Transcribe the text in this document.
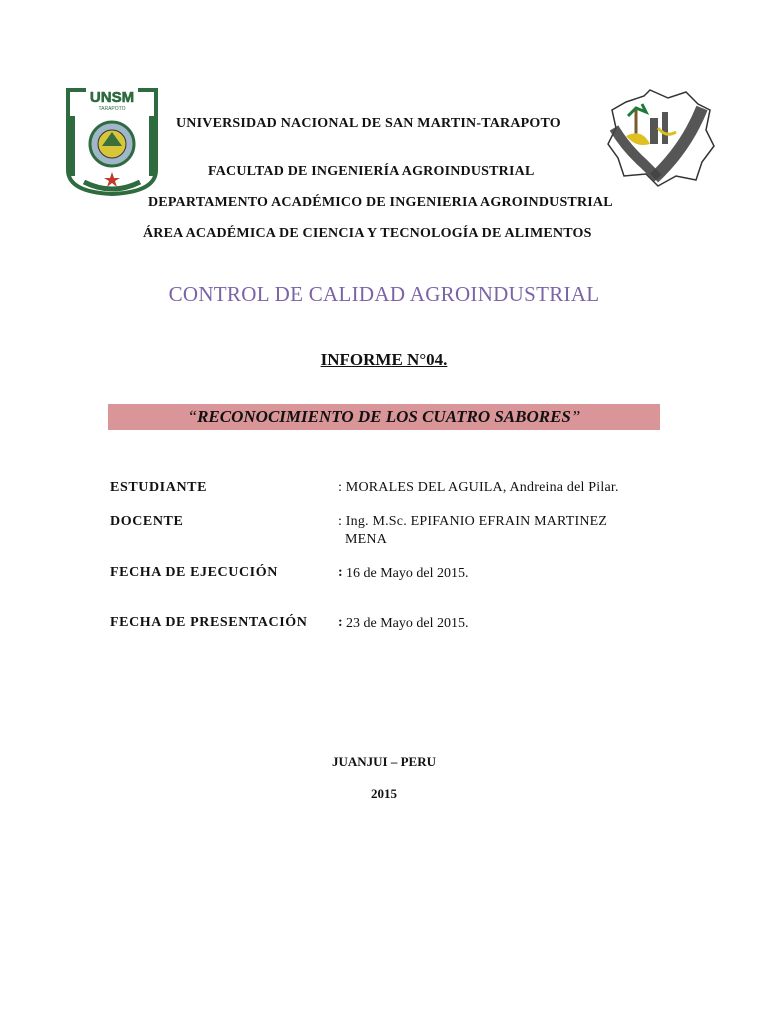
UNSM
TARAPOTO
UNIVERSIDAD NACIONAL DE SAN MARTIN-TARAPOTO
FACULTAD DE INGENIERÍA AGROINDUSTRIAL
DEPARTAMENTO ACADÉMICO DE INGENIERIA AGROINDUSTRIAL
ÁREA ACADÉMICA DE CIENCIA Y TECNOLOGÍA DE ALIMENTOS
CONTROL DE CALIDAD AGROINDUSTRIAL
INFORME N°04.
“RECONOCIMIENTO DE LOS CUATRO SABORES”
ESTUDIANTE	: MORALES DEL AGUILA, Andreina del Pilar.
DOCENTE	: Ing. M.Sc. EPIFANIO EFRAIN MARTINEZ
MENA
FECHA DE EJECUCIÓN	: 16 de Mayo del 2015.
FECHA DE PRESENTACIÓN : 23 de Mayo del 2015.
JUANJUI – PERU
2015
